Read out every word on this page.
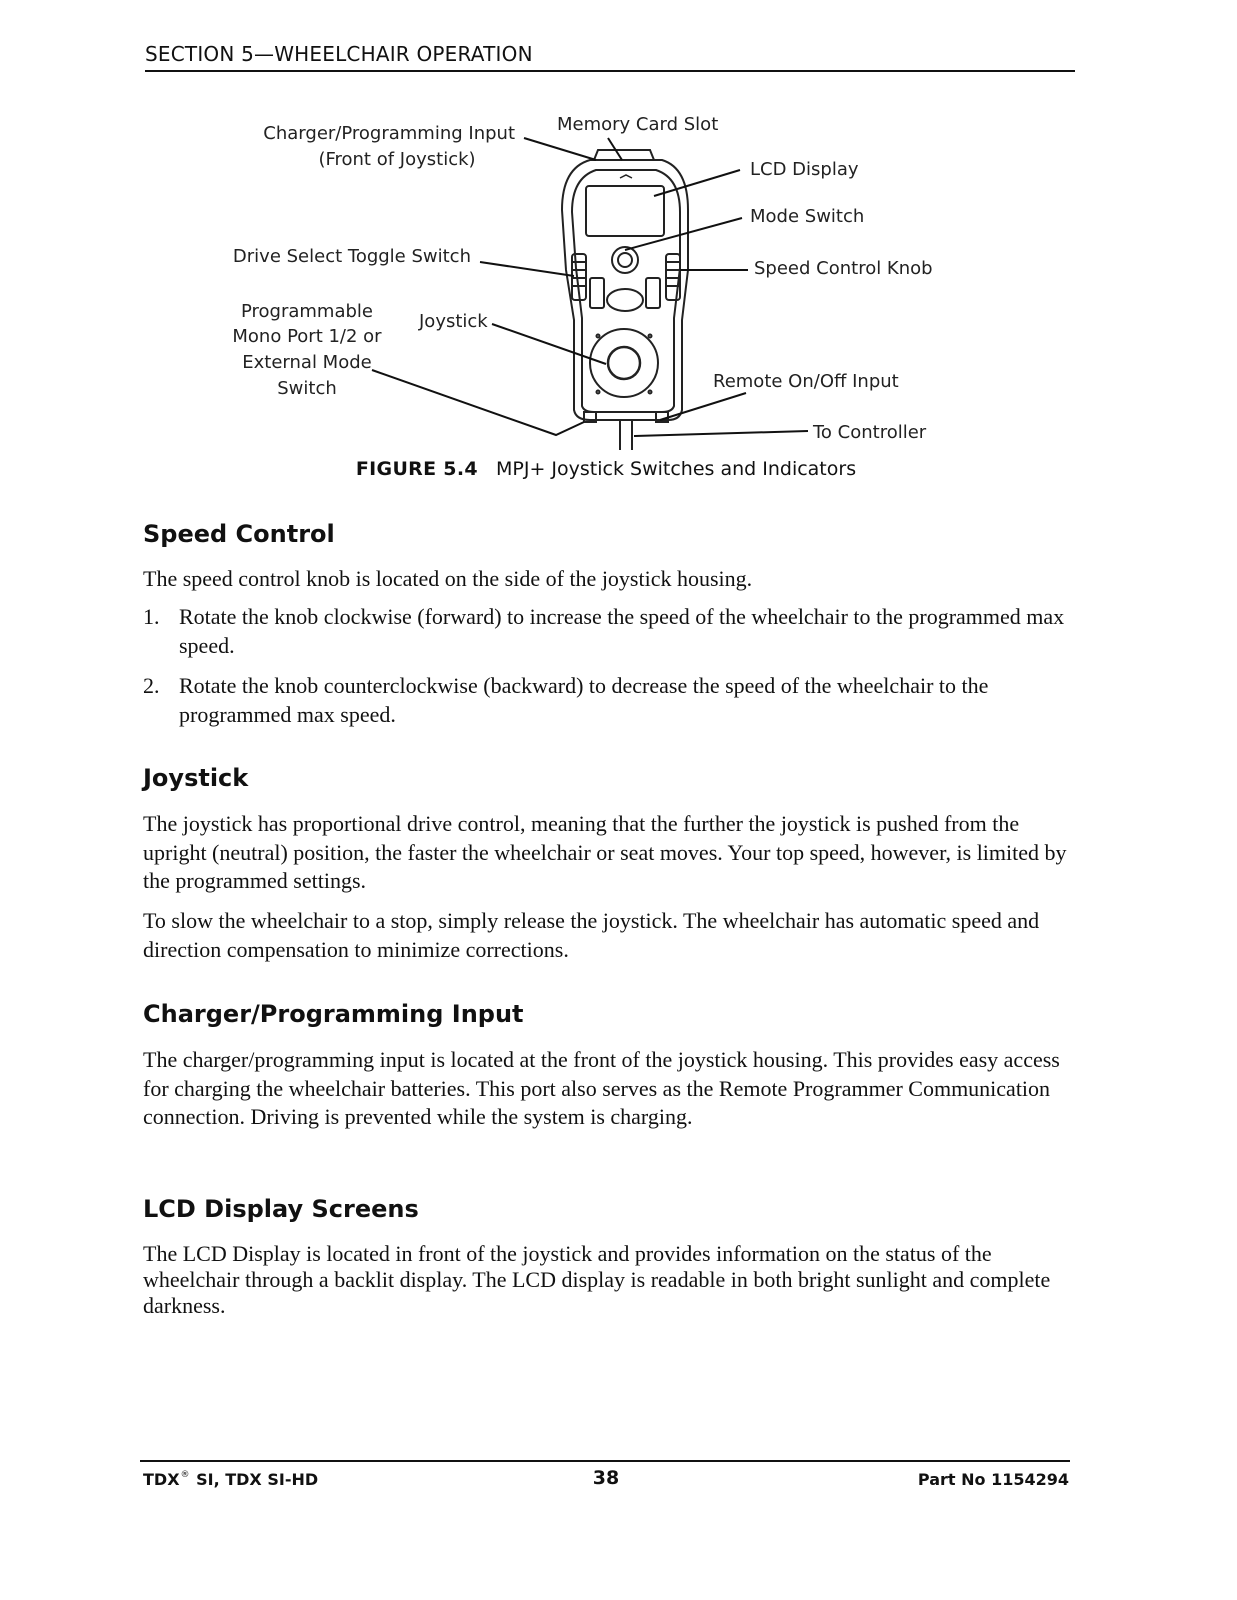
SECTION 5—WHEELCHAIR OPERATION
Charger/Programming Input
(Front of Joystick)
Memory Card Slot
LCD Display
Mode Switch
Drive Select Toggle Switch
Speed Control Knob
Programmable
Mono Port 1/2 or
External Mode
Switch
Joystick
Remote On/Off Input
To Controller
FIGURE 5.4 MPJ+ Joystick Switches and Indicators
Speed Control

The speed control knob is located on the side of the joystick housing.

1. Rotate the knob clockwise (forward) to increase the speed of the wheelchair to the programmed max speed.
2. Rotate the knob counterclockwise (backward) to decrease the speed of the wheelchair to the programmed max speed.
Joystick

The joystick has proportional drive control, meaning that the further the joystick is pushed from the upright (neutral) position, the faster the wheelchair or seat moves. Your top speed, however, is limited by the programmed settings.

To slow the wheelchair to a stop, simply release the joystick. The wheelchair has automatic speed and direction compensation to minimize corrections.

Charger/Programming Input

The charger/programming input is located at the front of the joystick housing. This provides easy access for charging the wheelchair batteries. This port also serves as the Remote Programmer Communication connection. Driving is prevented while the system is charging.

LCD Display Screens

The LCD Display is located in front of the joystick and provides information on the status of the wheelchair through a backlit display. The LCD display is readable in both bright sunlight and complete darkness.

TDX® SI, TDX SI-HD	38	Part No 1154294
